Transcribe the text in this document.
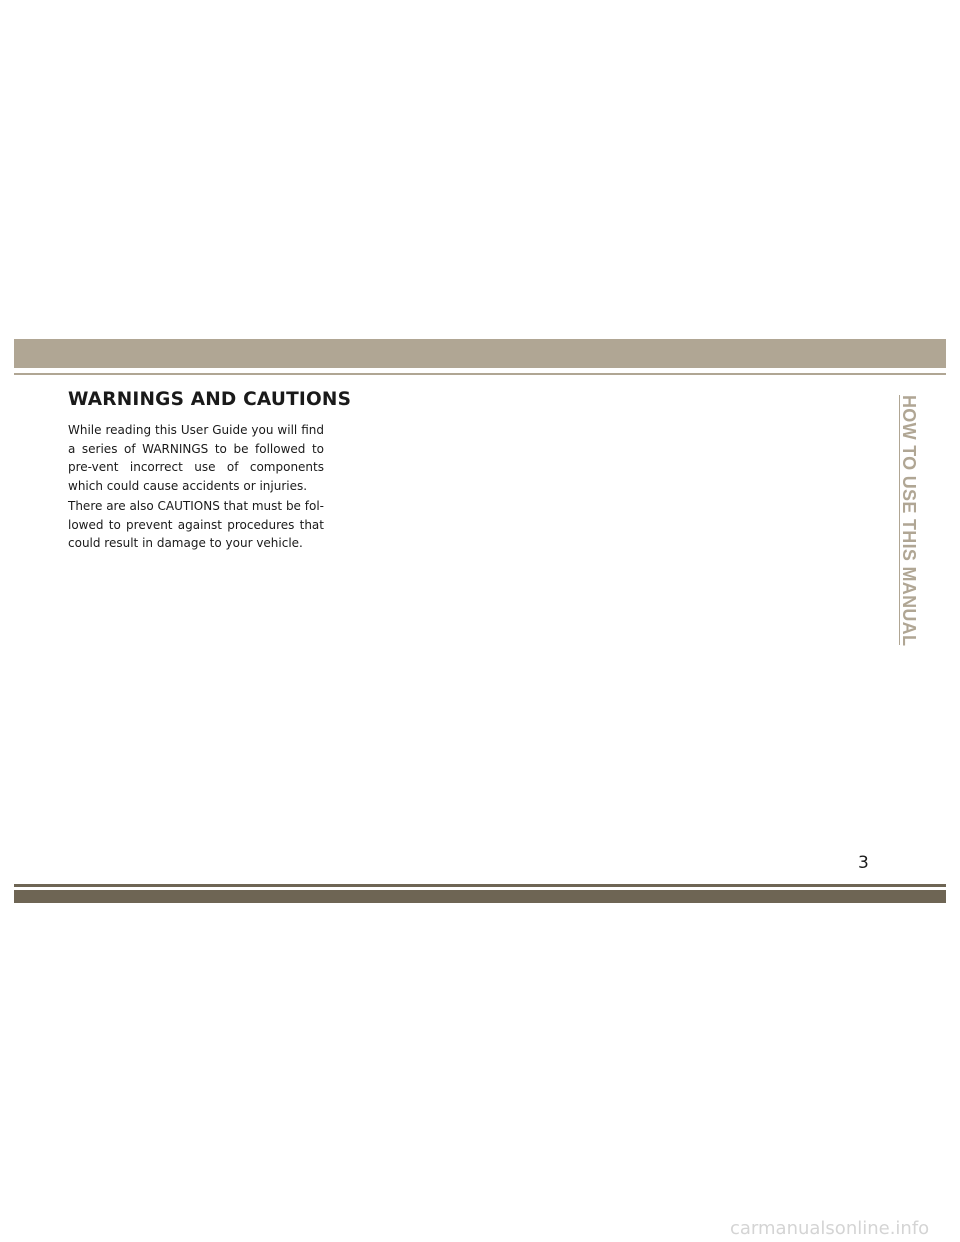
WARNINGS AND CAUTIONS

While reading this User Guide you will find a series of WARNINGS to be followed to pre-vent incorrect use of components which could cause accidents or injuries.

There are also CAUTIONS that must be fol-lowed to prevent against procedures that could result in damage to your vehicle.	HOW TO USE THIS MANUAL
3
carmanualsonline.info
